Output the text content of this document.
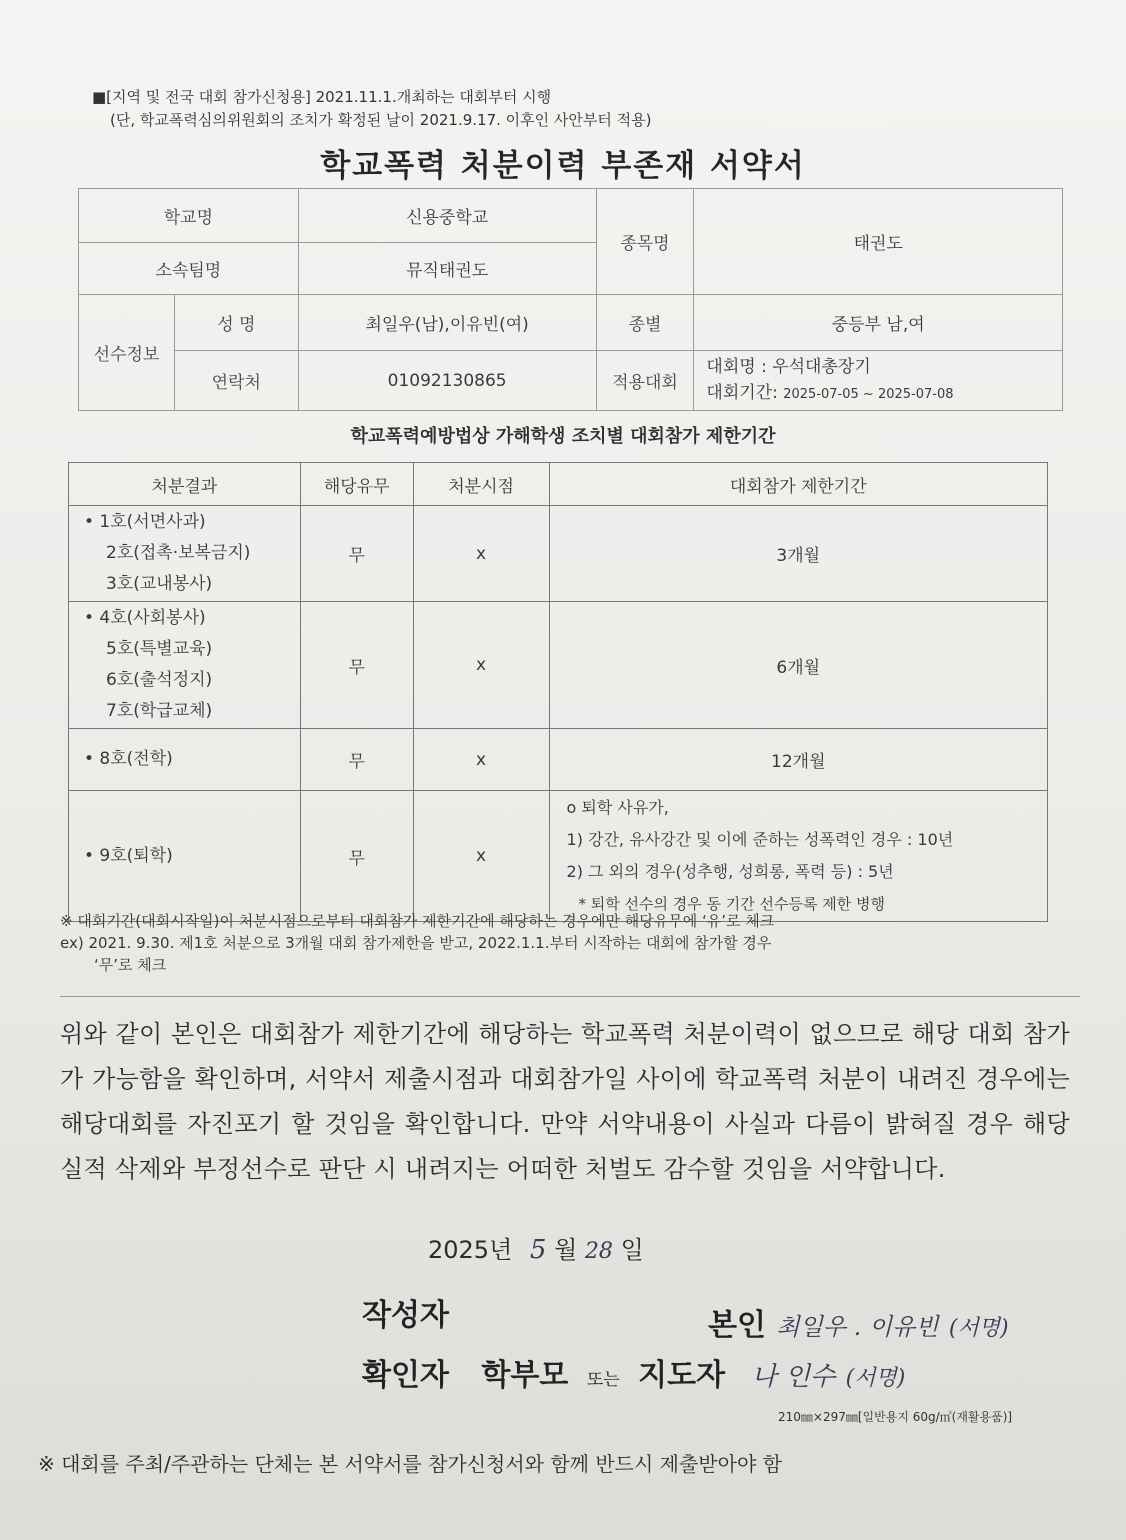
■[지역 및 전국 대회 참가신청용] 2021.11.1.개최하는 대회부터 시행
(단, 학교폭력심의위원회의 조치가 확정된 날이 2021.9.17. 이후인 사안부터 적용)
학교폭력 처분이력 부존재 서약서
학교명		신용중학교	종목명	태권도
소속팀명		뮤직태권도		
선수정보	성 명	최일우(남),이유빈(여)	종별	중등부 남,여
	연락처	01092130865	적용대회	대회명 : 우석대총장기
대회기간: 2025-07-05 ~ 2025-07-08
학교폭력예방법상 가해학생 조치별 대회참가 제한기간
처분결과	해당유무	처분시점	대회참가 제한기간

• 1호(서면사과)
2호(접촉·보복금지)
3호(교내봉사)	무	x	3개월

• 4호(사회봉사)
5호(특별교육)
6호(출석정지)
7호(학급교체)	무	x	6개월

• 8호(전학)	무	x	12개월

• 9호(퇴학)	무	x	o 퇴학 사유가,
1) 강간, 유사강간 및 이에 준하는 성폭력인 경우 : 10년
2) 그 외의 경우(성추행, 성희롱, 폭력 등) : 5년
* 퇴학 선수의 경우 동 기간 선수등록 제한 병행
※ 대회기간(대회시작일)이 처분시점으로부터 대회참가 제한기간에 해당하는 경우에만 해당유무에 ‘유’로 체크
ex) 2021. 9.30. 제1호 처분으로 3개월 대회 참가제한을 받고, 2022.1.1.부터 시작하는 대회에 참가할 경우
‘무’로 체크
위와 같이 본인은 대회참가 제한기간에 해당하는 학교폭력 처분이력이 없으므로 해당 대회 참가가 가능함을 확인하며, 서약서 제출시점과 대회참가일 사이에 학교폭력 처분이 내려진 경우에는 해당대회를 자진포기 할 것임을 확인합니다. 만약 서약내용이 사실과 다름이 밝혀질 경우 해당실적 삭제와 부정선수로 판단 시 내려지는 어떠한 처벌도 감수할 것임을 서약합니다.
2025년 5 월 28 일
작성자	본인 최일우 . 이유빈 (서명)
확인자 학부모 또는 지도자 나 인수 (서명)
210㎜×297㎜[일반용지 60g/㎡(재활용품)]
※ 대회를 주최/주관하는 단체는 본 서약서를 참가신청서와 함께 반드시 제출받아야 함
